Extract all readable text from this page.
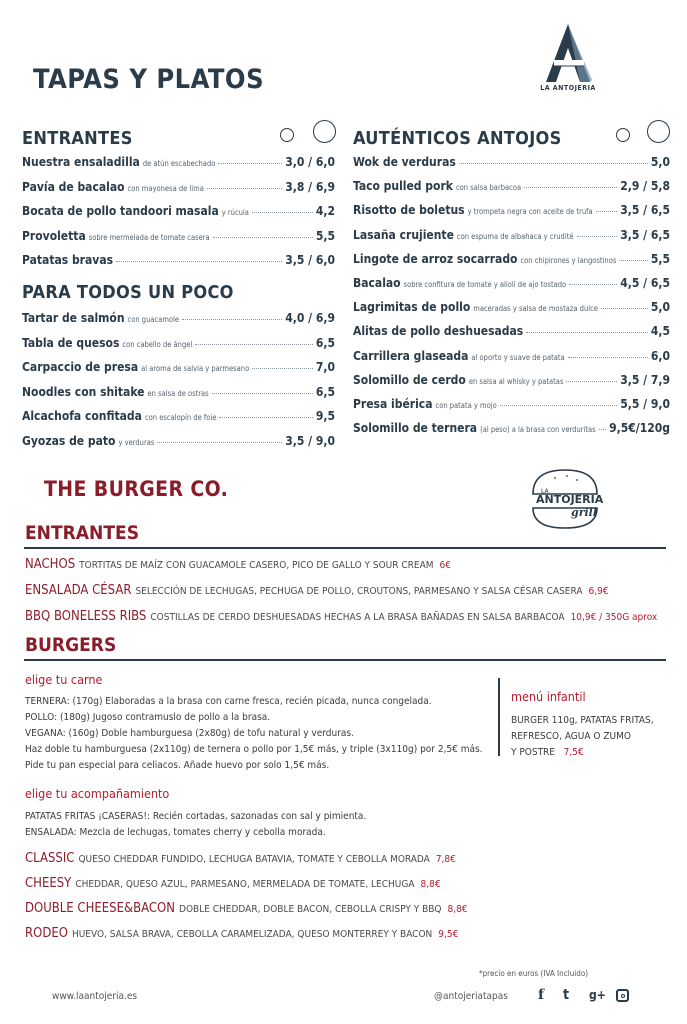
TAPAS Y PLATOS	LA ANTOJERIA
ENTRANTES
Nuestra ensaladilla de atún escabechado	3,0 / 6,0
Pavía de bacalao con mayonesa de lima	3,8 / 6,9
Bocata de pollo tandoori masala y rúcula	4,2
Provoletta sobre mermelada de tomate casera	5,5
Patatas bravas	3,5 / 6,0
PARA TODOS UN POCO
Tartar de salmón con guacamole	4,0 / 6,9
Tabla de quesos con cabello de ángel	6,5
Carpaccio de presa al aroma de salvia y parmesano	7,0
Noodles con shitake en salsa de ostras	6,5
Alcachofa confitada con escalopín de foie	9,5
Gyozas de pato y verduras	3,5 / 9,0
AUTÉNTICOS ANTOJOS
Wok de verduras	5,0
Taco pulled pork con salsa barbacoa	2,9 / 5,8
Risotto de boletus y trompeta negra con aceite de trufa 3,5 / 6,5
Lasaña crujiente con espuma de albahaca y crudité	3,5 / 6,5
Lingote de arroz socarrado con chipirones y langostinos	5,5
Bacalao sobre confitura de tomate y alioli de ajo tostado	4,5 / 6,5
Lagrimitas de pollo maceradas y salsa de mostaza dulce	5,0
Alitas de pollo deshuesadas	4,5
Carrillera glaseada al oporto y suave de patata	6,0
Solomillo de cerdo en salsa al whisky y patatas	3,5 / 7,9
Presa ibérica con patata y mojo	5,5 / 9,0
Solomillo de ternera (al peso) a la brasa con verduritas 9,5€/120g
THE BURGER CO.	LA
ANTOJERIA
grill
ENTRANTES
NACHOS TORTITAS DE MAÍZ CON GUACAMOLE CASERO, PICO DE GALLO Y SOUR CREAM 6€
ENSALADA CÉSAR SELECCIÓN DE LECHUGAS, PECHUGA DE POLLO, CROUTONS, PARMESANO Y SALSA CÉSAR CASERA 6,9€
BBQ BONELESS RIBS COSTILLAS DE CERDO DESHUESADAS HECHAS A LA BRASA BAÑADAS EN SALSA BARBACOA 10,9€ / 350G aprox
BURGERS
elige tu carne
TERNERA: (170g) Elaboradas a la brasa con carne fresca, recién picada, nunca congelada.
POLLO: (180g) Jugoso contramuslo de pollo a la brasa.
VEGANA: (160g) Doble hamburguesa (2x80g) de tofu natural y verduras.
Haz doble tu hamburguesa (2x110g) de ternera o pollo por 1,5€ más, y triple (3x110g) por 2,5€ más.
Pide tu pan especial para celiacos. Añade huevo por solo 1,5€ más.
menú infantil
BURGER 110g, PATATAS FRITAS,
REFRESCO, AGUA O ZUMO
Y POSTRE 7,5€
elige tu acompañamiento
PATATAS FRITAS ¡CASERAS!: Recién cortadas, sazonadas con sal y pimienta.
ENSALADA: Mezcla de lechugas, tomates cherry y cebolla morada.
CLASSIC QUESO CHEDDAR FUNDIDO, LECHUGA BATAVIA, TOMATE Y CEBOLLA MORADA 7,8€
CHEESY CHEDDAR, QUESO AZUL, PARMESANO, MERMELADA DE TOMATE, LECHUGA 8,8€
DOUBLE CHEESE&BACON DOBLE CHEDDAR, DOBLE BACON, CEBOLLA CRISPY Y BBQ 8,8€
RODEO HUEVO, SALSA BRAVA, CEBOLLA CARAMELIZADA, QUESO MONTERREY Y BACON 9,5€
*precio en euros (IVA Incluido)
www.laantojeria.es	@antojeriatapas f t g+
